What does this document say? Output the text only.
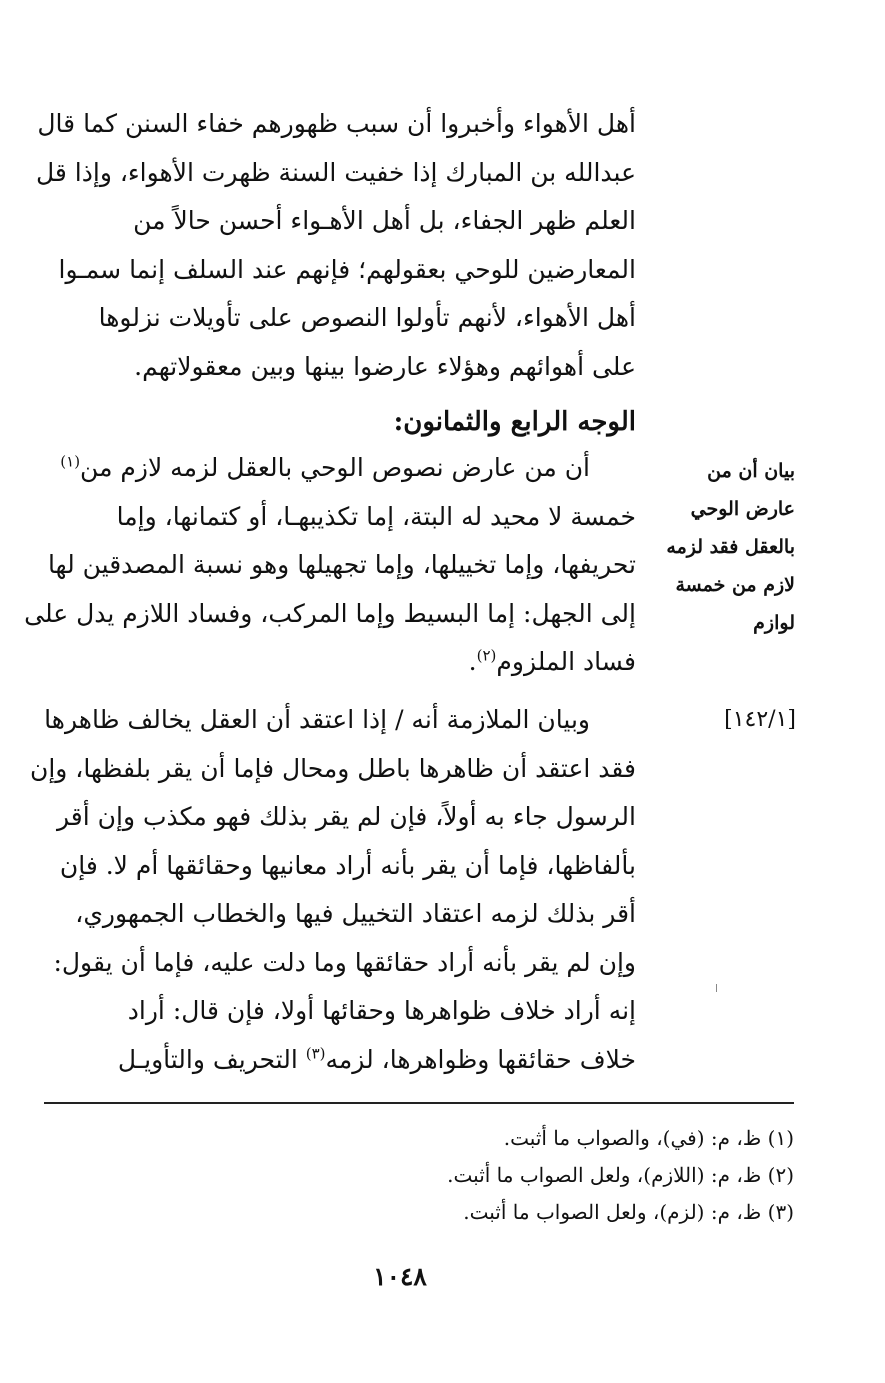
أهل الأهواء وأخبروا أن سبب ظهورهم خفاء السنن كما قال
عبدالله بن المبارك إذا خفيت السنة ظهرت الأهواء، وإذا قل
العلم ظهر الجفاء، بل أهل الأهـواء أحسن حالاً من
المعارضين للوحي بعقولهم؛ فإنهم عند السلف إنما سمـوا
أهل الأهواء، لأنهم تأولوا النصوص على تأويلات نزلوها
على أهوائهم وهؤلاء عارضوا بينها وبين معقولاتهم.
الوجه الرابع والثمانون:
أن من عارض نصوص الوحي بالعقل لزمه لازم من$^{(١)}$
خمسة لا محيد له البتة، إما تكذيبهـا، أو كتمانها، وإما
تحريفها، وإما تخييلها، وإما تجهيلها وهو نسبة المصدقين لها
إلى الجهل: إما البسيط وإما المركب، وفساد اللازم يدل على
فساد الملزوم$^{(٢)}$.
بيان أن من عارض الوحي بالعقل فقد لزمه لازم من خمسة لوازم
[١٤٢/١]
وبيان الملازمة أنه / إذا اعتقد أن العقل يخالف ظاهرها
فقد اعتقد أن ظاهرها باطل ومحال فإما أن يقر بلفظها، وإن
الرسول جاء به أولاً، فإن لم يقر بذلك فهو مكذب وإن أقر
بألفاظها، فإما أن يقر بأنه أراد معانيها وحقائقها أم لا. فإن
أقر بذلك لزمه اعتقاد التخييل فيها والخطاب الجمهوري،
وإن لم يقر بأنه أراد حقائقها وما دلت عليه، فإما أن يقول:
إنه أراد خلاف ظواهرها وحقائها أولا، فإن قال: أراد
خلاف حقائقها وظواهرها، لزمه$^{(٣)}$ التحريف والتأويـل
(١) ظ، م: (في)، والصواب ما أثبت.
(٢) ظ، م: (اللازم)، ولعل الصواب ما أثبت.
(٣) ظ، م: (لزم)، ولعل الصواب ما أثبت.
١٠٤٨
